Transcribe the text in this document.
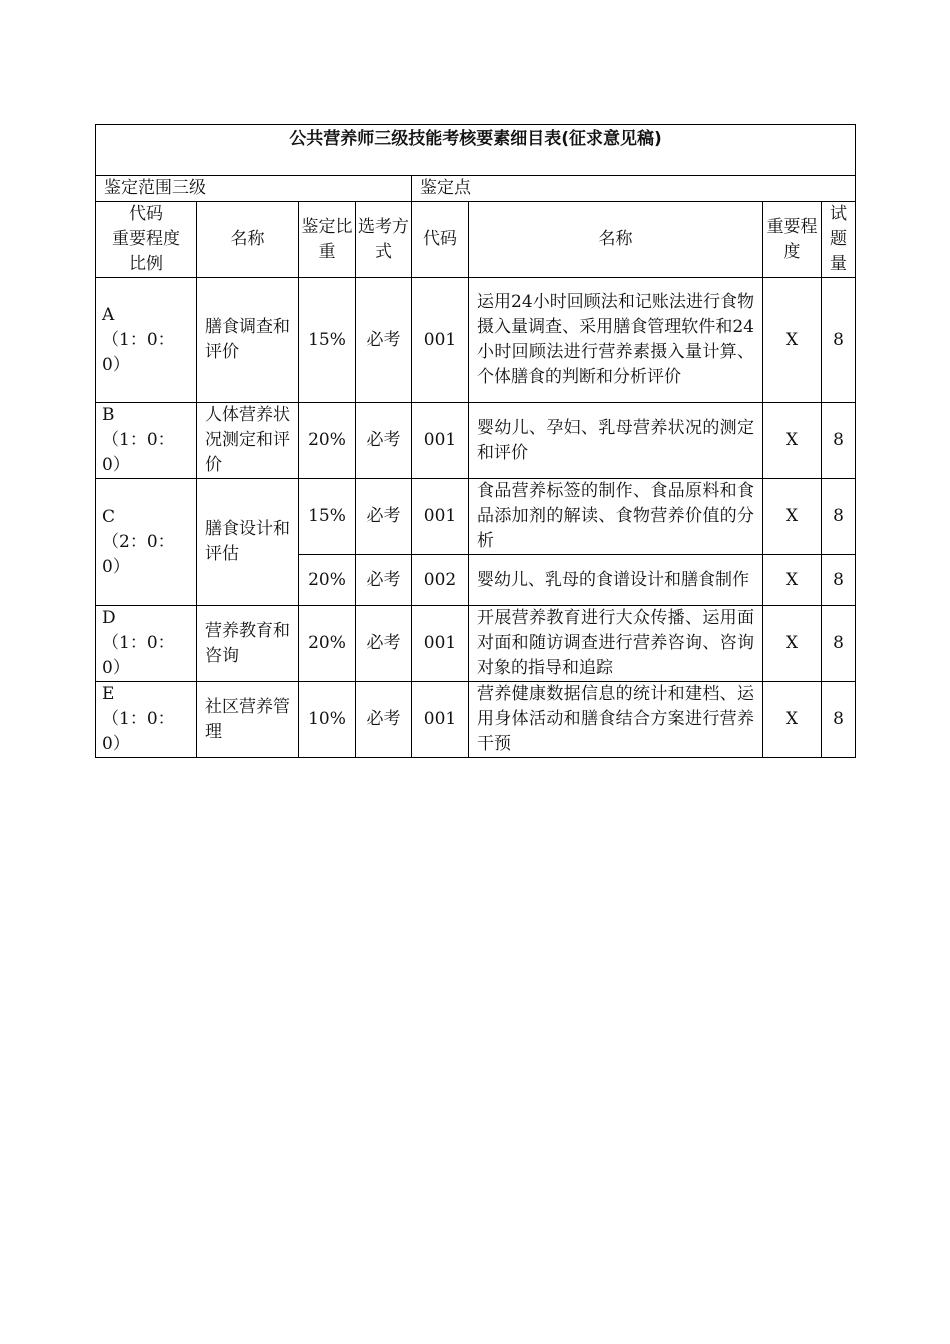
公共营养师三级技能考核要素细目表(征求意见稿)							
鉴定范围三级				鉴定点			

代码
重要程度
比例	名称	鉴定比重	选考方式	代码	名称	重要程度	试题量

A
（1：0：0）	膳食调查和评价	15%	必考	001	运用24小时回顾法和记账法进行食物摄入量调查、采用膳食管理软件和24小时回顾法进行营养素摄入量计算、个体膳食的判断和分析评价	X	8

B
（1：0：0）	人体营养状况测定和评价	20%	必考	001	婴幼儿、孕妇、乳母营养状况的测定和评价	X	8

C
（2：0：0）	膳食设计和评估	15%	必考	001	食品营养标签的制作、食品原料和食品添加剂的解读、食物营养价值的分析	X	8
		20%	必考	002	婴幼儿、乳母的食谱设计和膳食制作	X	8

D
（1：0：0）	营养教育和咨询	20%	必考	001	开展营养教育进行大众传播、运用面对面和随访调查进行营养咨询、咨询对象的指导和追踪	X	8

E
（1：0：0）	社区营养管理	10%	必考	001	营养健康数据信息的统计和建档、运用身体活动和膳食结合方案进行营养干预	X	8
